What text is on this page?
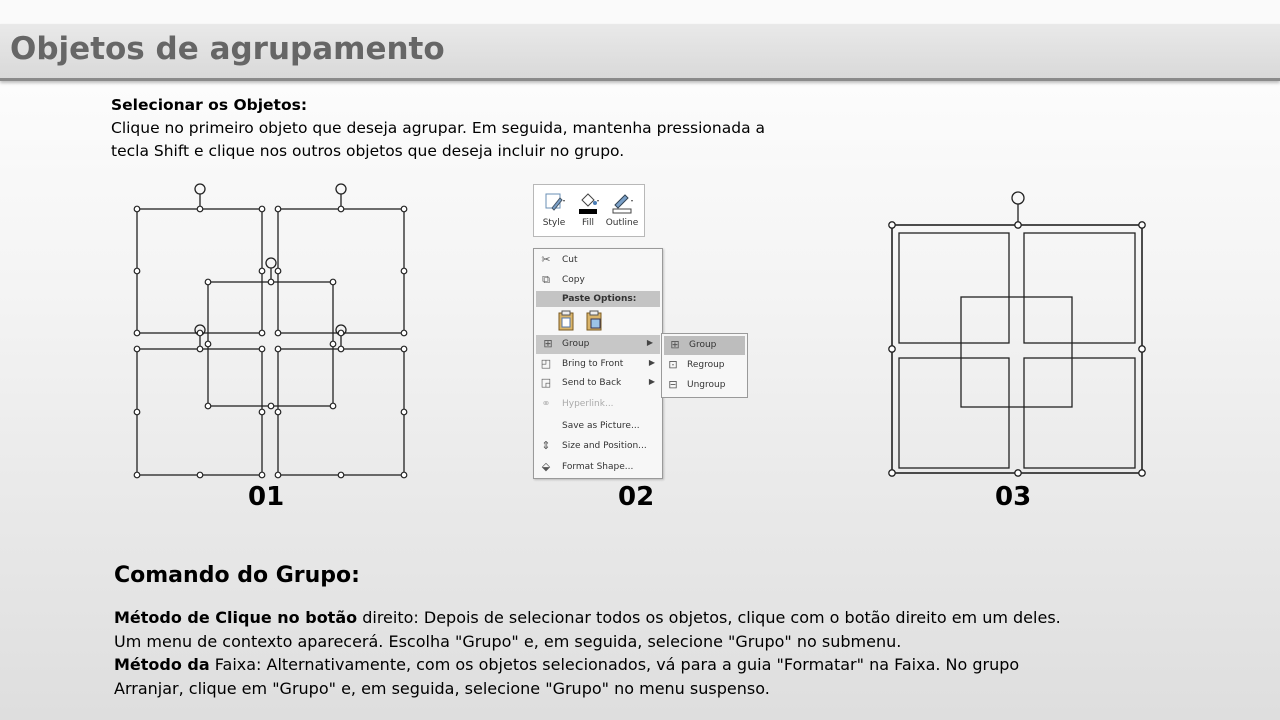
Objetos de agrupamento
Selecionar os Objetos:
Clique no primeiro objeto que deseja agrupar. Em seguida, mantenha pressionada a tecla Shift e clique nos outros objetos que deseja incluir no grupo.
01
Style	Fill	Outline
✂ Cut
⧉	Copy
Paste Options:
⊞ Group	▶
◰ Bring to Front	▶
◲ Send to Back	▶
⚭ Hyperlink...
Save as Picture...
⇕ Size and Position...
⬙	Format Shape...
⊞ Group
⊡ Regroup
⊟ Ungroup
02	03
Comando do Grupo:

Método de Clique no botão direito: Depois de selecionar todos os objetos, clique com o botão direito em um deles. Um menu de contexto aparecerá. Escolha "Grupo" e, em seguida, selecione "Grupo" no submenu.

Método da Faixa: Alternativamente, com os objetos selecionados, vá para a guia "Formatar" na Faixa. No grupo Arranjar, clique em "Grupo" e, em seguida, selecione "Grupo" no menu suspenso.
